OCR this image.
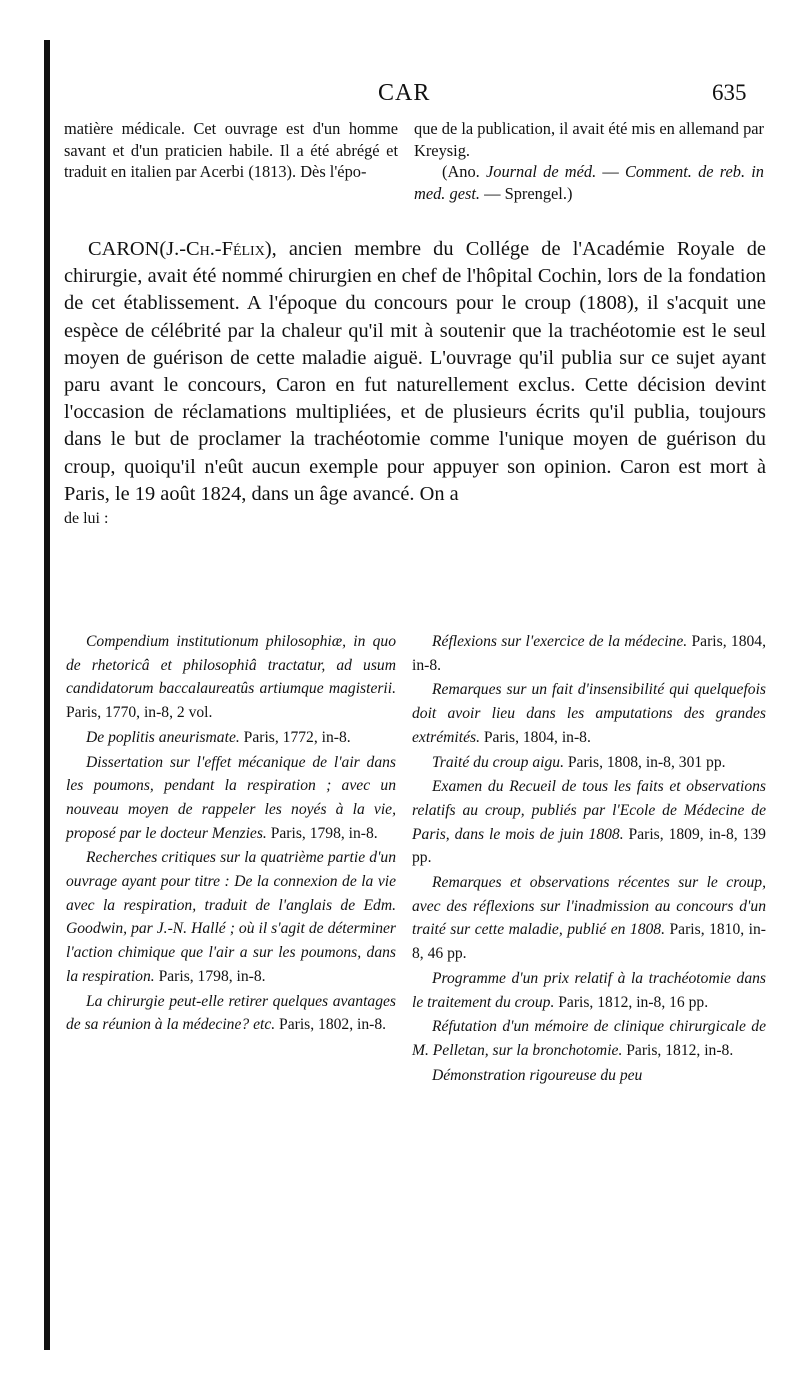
CAR	635

matière médicale. Cet ouvrage est d'un homme savant et d'un praticien habile. Il a été abrégé et traduit en italien par Acerbi (1813). Dès l'épo-

que de la publication, il avait été mis en allemand par Kreysig.

(Ano. Journal de méd. — Comment. de reb. in med. gest. — Sprengel.)

CARON(J.-Ch.-Félix), ancien membre du Collége de l'Académie Royale de chirurgie, avait été nommé chirurgien en chef de l'hôpital Cochin, lors de la fondation de cet établissement. A l'époque du concours pour le croup (1808), il s'acquit une espèce de célébrité par la chaleur qu'il mit à soutenir que la trachéotomie est le seul moyen de guérison de cette maladie aiguë. L'ouvrage qu'il publia sur ce sujet ayant paru avant le concours, Caron en fut naturellement exclus. Cette décision devint l'occasion de réclamations multipliées, et de plusieurs écrits qu'il publia, toujours dans le but de proclamer la trachéotomie comme l'unique moyen de guérison du croup, quoiqu'il n'eût aucun exemple pour appuyer son opinion. Caron est mort à Paris, le 19 août 1824, dans un âge avancé. On a

de lui :

Compendium institutionum philosophiæ, in quo de rhetoricâ et philosophiâ tractatur, ad usum candidatorum baccalaureatûs artiumque magisterii. Paris, 1770, in-8, 2 vol.

De poplitis aneurismate. Paris, 1772, in-8.

Dissertation sur l'effet mécanique de l'air dans les poumons, pendant la respiration ; avec un nouveau moyen de rappeler les noyés à la vie, proposé par le docteur Menzies. Paris, 1798, in-8.

Recherches critiques sur la quatrième partie d'un ouvrage ayant pour titre : De la connexion de la vie avec la respiration, traduit de l'anglais de Edm. Goodwin, par J.-N. Hallé ; où il s'agit de déterminer l'action chimique que l'air a sur les poumons, dans la respiration. Paris, 1798, in-8.

La chirurgie peut-elle retirer quelques avantages de sa réunion à la médecine? etc. Paris, 1802, in-8.

Réflexions sur l'exercice de la médecine. Paris, 1804, in-8.

Remarques sur un fait d'insensibilité qui quelquefois doit avoir lieu dans les amputations des grandes extrémités. Paris, 1804, in-8.

Traité du croup aigu. Paris, 1808, in-8, 301 pp.

Examen du Recueil de tous les faits et observations relatifs au croup, publiés par l'Ecole de Médecine de Paris, dans le mois de juin 1808. Paris, 1809, in-8, 139 pp.

Remarques et observations récentes sur le croup, avec des réflexions sur l'inadmission au concours d'un traité sur cette maladie, publié en 1808. Paris, 1810, in-8, 46 pp.

Programme d'un prix relatif à la trachéotomie dans le traitement du croup. Paris, 1812, in-8, 16 pp.

Réfutation d'un mémoire de clinique chirurgicale de M. Pelletan, sur la bronchotomie. Paris, 1812, in-8.

Démonstration rigoureuse du peu
